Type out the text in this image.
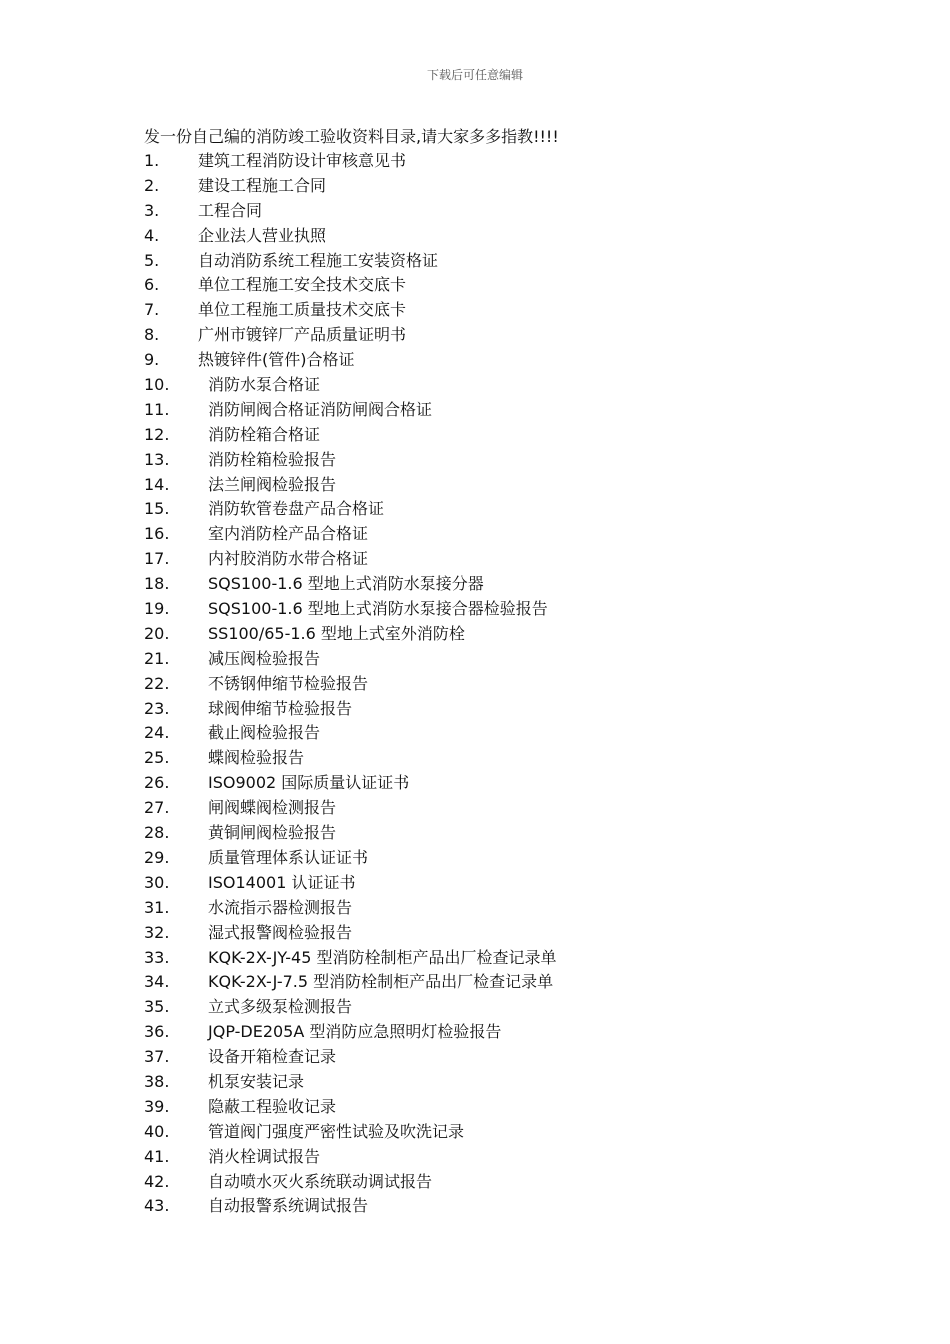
下载后可任意编辑
发一份自己编的消防竣工验收资料目录,请大家多多指教!!!!
1. 建筑工程消防设计审核意见书
2. 建设工程施工合同
3. 工程合同
4. 企业法人营业执照
5. 自动消防系统工程施工安装资格证
6. 单位工程施工安全技术交底卡
7. 单位工程施工质量技术交底卡
8. 广州市镀锌厂产品质量证明书
9. 热镀锌件(管件)合格证
10. 消防水泵合格证
11. 消防闸阀合格证消防闸阀合格证
12. 消防栓箱合格证
13. 消防栓箱检验报告
14. 法兰闸阀检验报告
15. 消防软管卷盘产品合格证
16. 室内消防栓产品合格证
17. 内衬胶消防水带合格证
18. SQS100-1.6 型地上式消防水泵接分器
19. SQS100-1.6 型地上式消防水泵接合器检验报告
20. SS100/65-1.6 型地上式室外消防栓
21. 减压阀检验报告
22. 不锈钢伸缩节检验报告
23. 球阀伸缩节检验报告
24. 截止阀检验报告
25. 蝶阀检验报告
26. ISO9002 国际质量认证证书
27. 闸阀蝶阀检测报告
28. 黄铜闸阀检验报告
29. 质量管理体系认证证书
30. ISO14001 认证证书
31. 水流指示器检测报告
32. 湿式报警阀检验报告
33. KQK-2X-JY-45 型消防栓制柜产品出厂检查记录单
34. KQK-2X-J-7.5 型消防栓制柜产品出厂检查记录单
35. 立式多级泵检测报告
36. JQP-DE205A 型消防应急照明灯检验报告
37. 设备开箱检查记录
38. 机泵安装记录
39. 隐蔽工程验收记录
40. 管道阀门强度严密性试验及吹洗记录
41. 消火栓调试报告
42. 自动喷水灭火系统联动调试报告
43. 自动报警系统调试报告
